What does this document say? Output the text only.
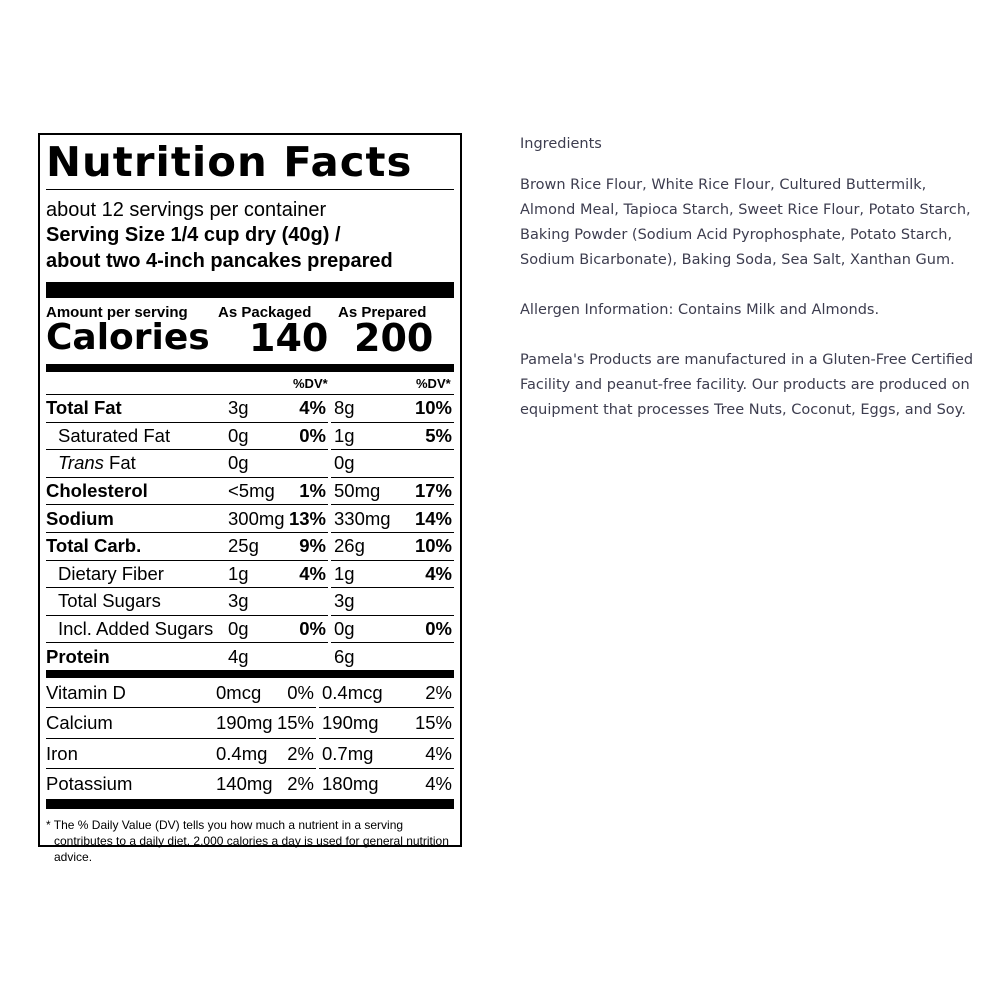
Nutrition Facts
about 12 servings per container
Serving Size 1/4 cup dry (40g) /
about two 4-inch pancakes prepared
Amount per serving As Packaged As Prepared
Calories 140 200
%DV*	%DV*
Total Fat	3g	4%	8g	10%
Saturated Fat	0g	0%	1g	5%
Trans Fat	0g		0g	
Cholesterol	<5mg	1%	50mg	17%
Sodium	300mg	13%	330mg	14%
Total Carb.	25g	9%	26g	10%
Dietary Fiber	1g	4%	1g	4%
Total Sugars	3g		3g	
Incl. Added Sugars	0g	0%	0g	0%
Protein	4g		6g	
Vitamin D	0mcg	0%	0.4mcg	2%
Calcium	190mg	15%	190mg	15%
Iron	0.4mg	2%	0.7mg	4%
Potassium	140mg	2%	180mg	4%
* The % Daily Value (DV) tells you how much a nutrient in a serving contributes to a daily diet. 2,000 calories a day is used for general nutrition advice.

Ingredients

Brown Rice Flour, White Rice Flour, Cultured Buttermilk, Almond Meal, Tapioca Starch, Sweet Rice Flour, Potato Starch, Baking Powder (Sodium Acid Pyrophosphate, Potato Starch, Sodium Bicarbonate), Baking Soda, Sea Salt, Xanthan Gum.

Allergen Information: Contains Milk and Almonds.

Pamela's Products are manufactured in a Gluten-Free Certified Facility and peanut-free facility. Our products are produced on equipment that processes Tree Nuts, Coconut, Eggs, and Soy.
